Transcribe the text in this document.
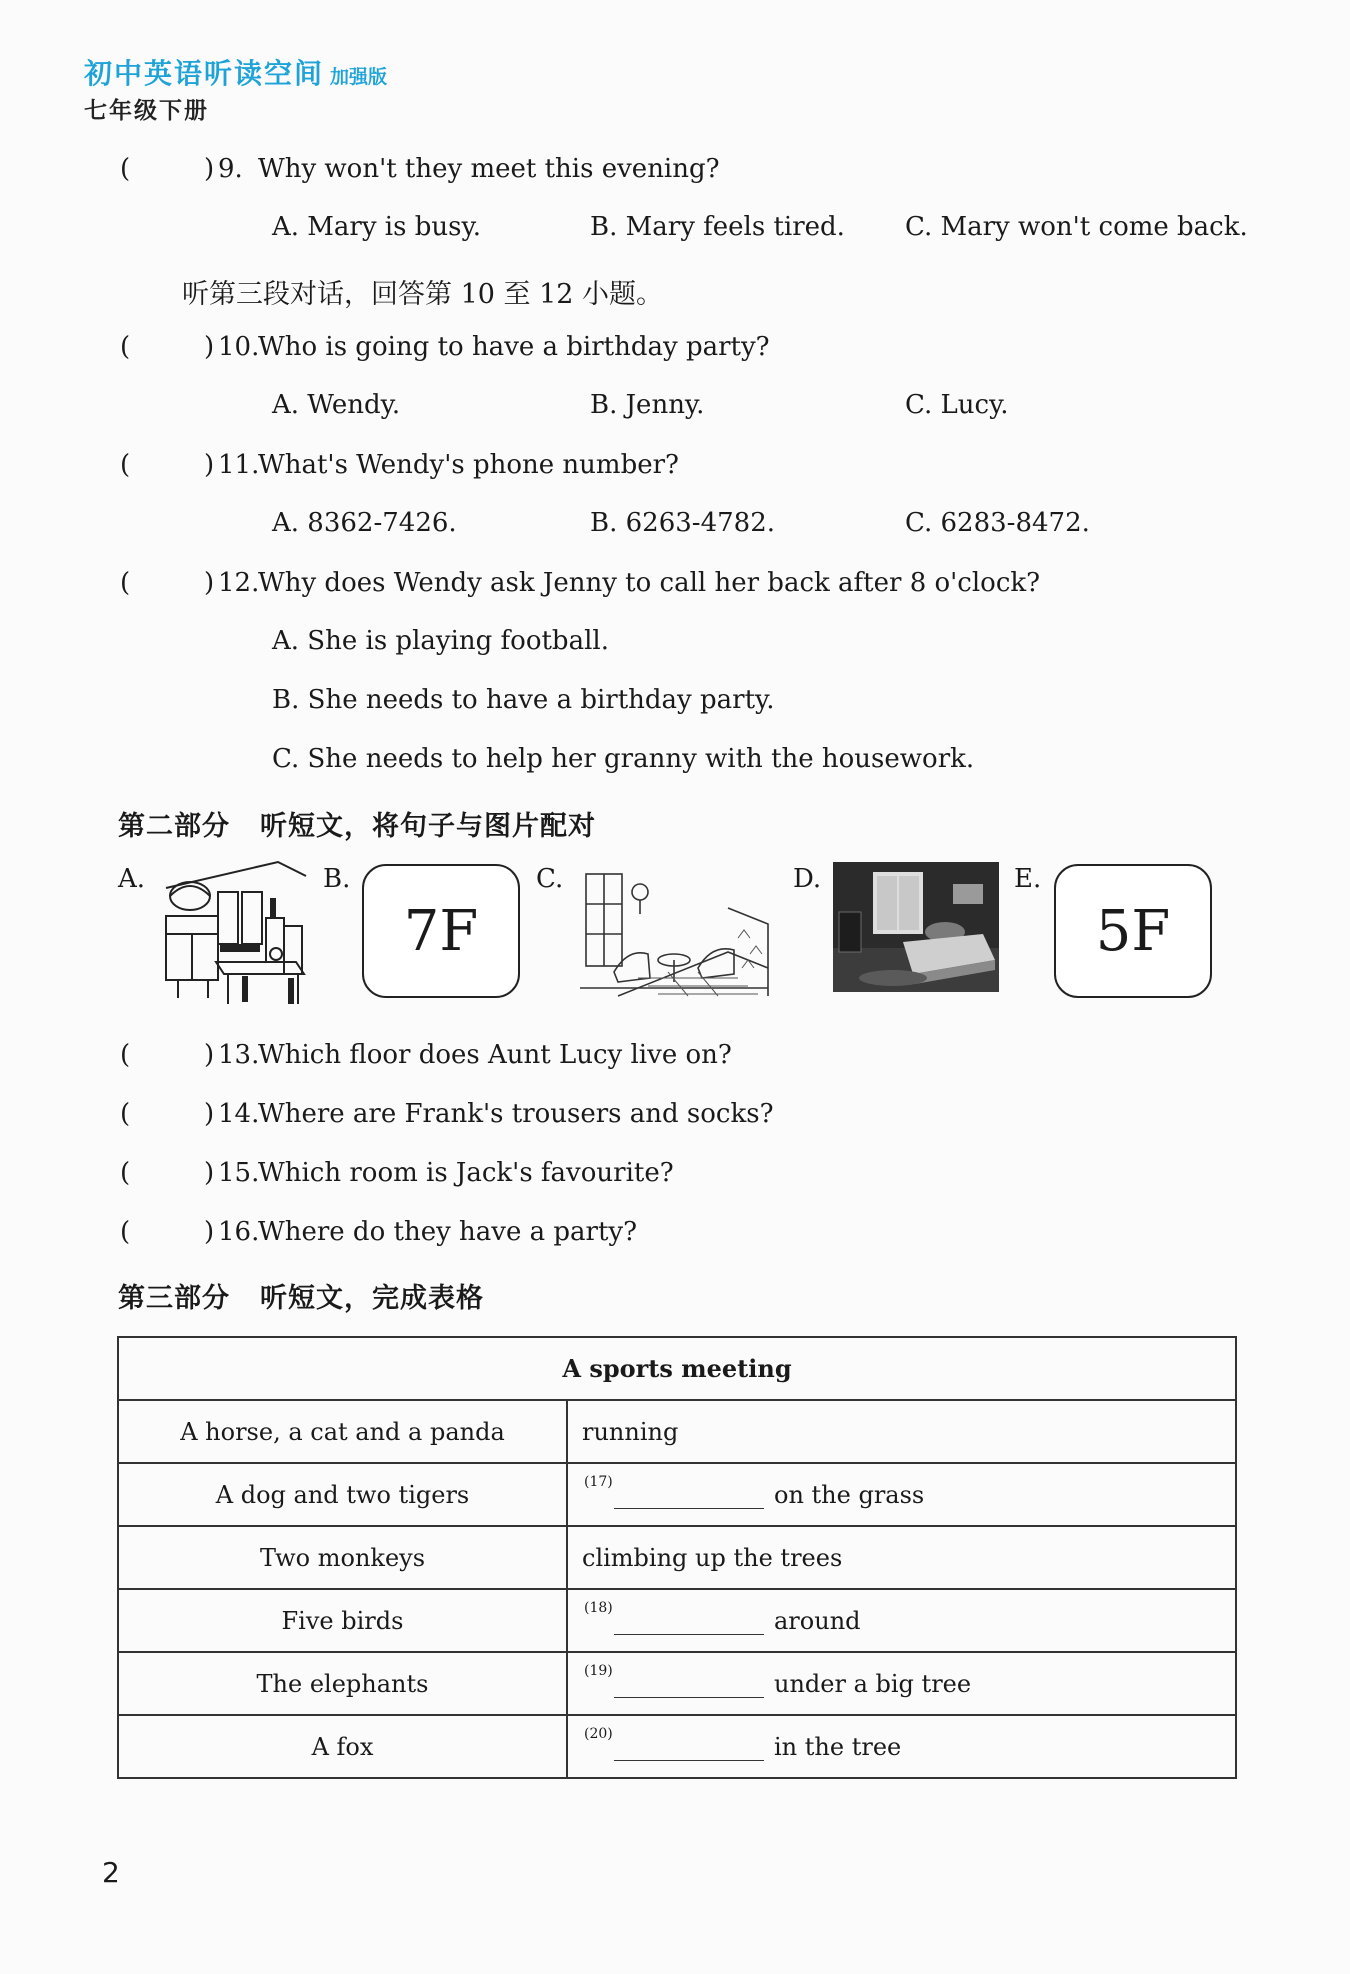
初中英语听读空间 加强版
七年级下册
(	) 9. Why won't they meet this evening?
A. Mary is busy.	B. Mary feels tired. C. Mary won't come back.
听第三段对话，回答第 10 至 12 小题。
(	) 10.Who is going to have a birthday party?
A. Wendy.	B. Jenny.	C. Lucy.
(	) 11.What's Wendy's phone number?
A. 8362-7426.	B. 6263-4782.	C. 6283-8472.
(	) 12.Why does Wendy ask Jenny to call her back after 8 o'clock?
A. She is playing football.
B. She needs to have a birthday party.
C. She needs to help her granny with the housework.
第二部分 听短文，将句子与图片配对
A.	B.
7F
C.	D.	E.
5F
(	) 13.Which floor does Aunt Lucy live on?
(	) 14.Where are Frank's trousers and socks?
(	) 15.Which room is Jack's favourite?
(	) 16.Where do they have a party?
第三部分 听短文，完成表格
A sports meeting	
A horse, a cat and a panda	running
A dog and two tigers	(17) on the grass
Two monkeys	climbing up the trees
Five birds	(18) around
The elephants	(19) under a big tree
A fox	(20) in the tree
2
